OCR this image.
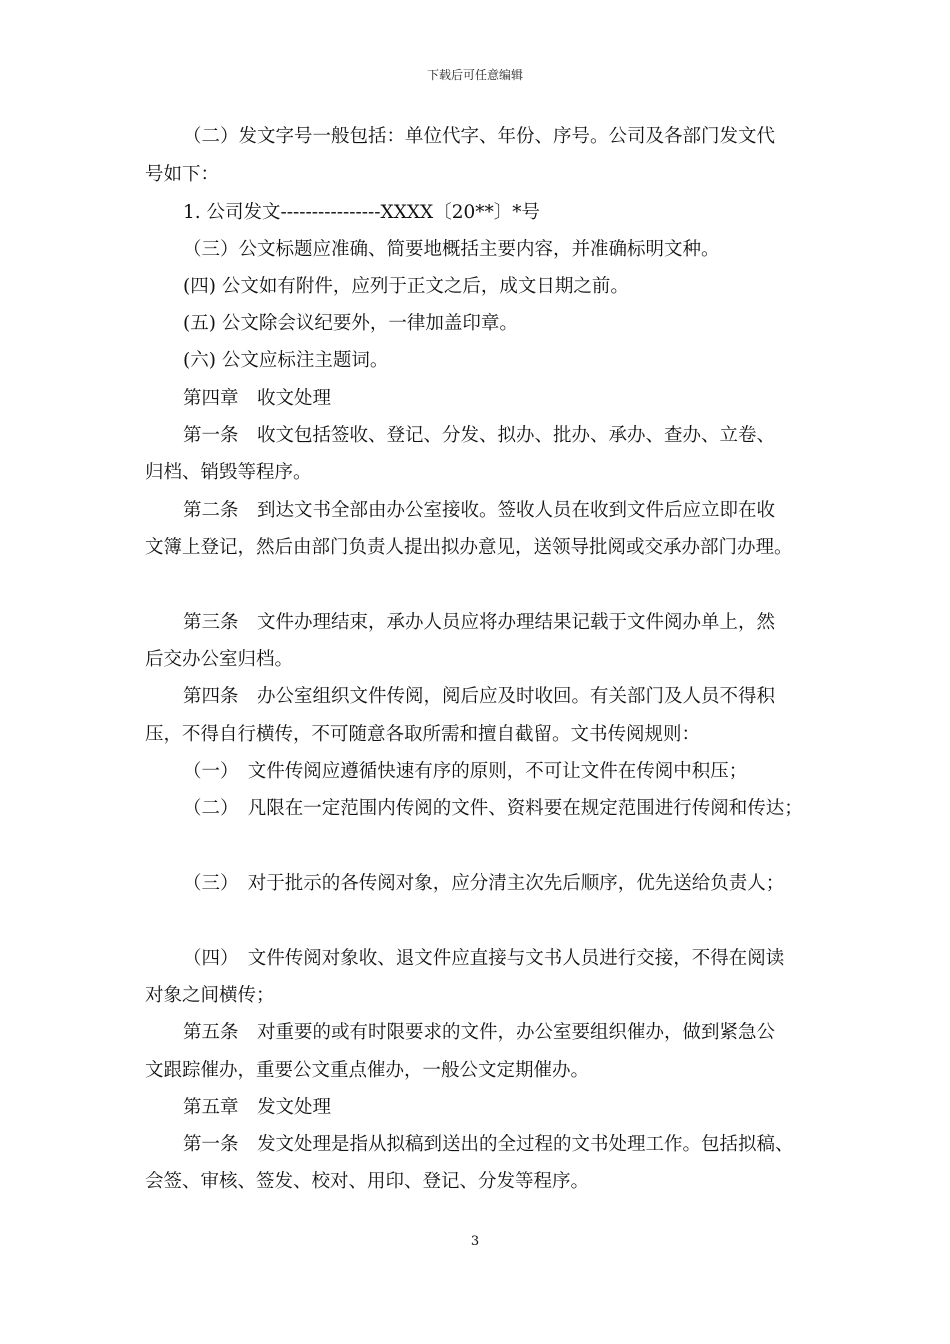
下载后可任意编辑
（二）发文字号一般包括：单位代字、年份、序号。公司及各部门发文代
号如下：
1. 公司发文----------------XXXX〔20**〕*号
（三）公文标题应准确、简要地概括主要内容，并准确标明文种。
(四) 公文如有附件，应列于正文之后，成文日期之前。
(五) 公文除会议纪要外，一律加盖印章。
(六) 公文应标注主题词。
第四章　收文处理
第一条　收文包括签收、登记、分发、拟办、批办、承办、查办、立卷、
归档、销毁等程序。
第二条　到达文书全部由办公室接收。签收人员在收到文件后应立即在收
文簿上登记，然后由部门负责人提出拟办意见，送领导批阅或交承办部门办理。
第三条　文件办理结束，承办人员应将办理结果记载于文件阅办单上，然
后交办公室归档。
第四条　办公室组织文件传阅，阅后应及时收回。有关部门及人员不得积
压，不得自行横传，不可随意各取所需和擅自截留。文书传阅规则：
（一）　文件传阅应遵循快速有序的原则，不可让文件在传阅中积压；
（二）　凡限在一定范围内传阅的文件、资料要在规定范围进行传阅和传达；
（三）　对于批示的各传阅对象，应分清主次先后顺序，优先送给负责人；
（四）　文件传阅对象收、退文件应直接与文书人员进行交接，不得在阅读
对象之间横传；
第五条　对重要的或有时限要求的文件，办公室要组织催办，做到紧急公
文跟踪催办，重要公文重点催办，一般公文定期催办。
第五章　发文处理
第一条　发文处理是指从拟稿到送出的全过程的文书处理工作。包括拟稿、
会签、审核、签发、校对、用印、登记、分发等程序。
3
